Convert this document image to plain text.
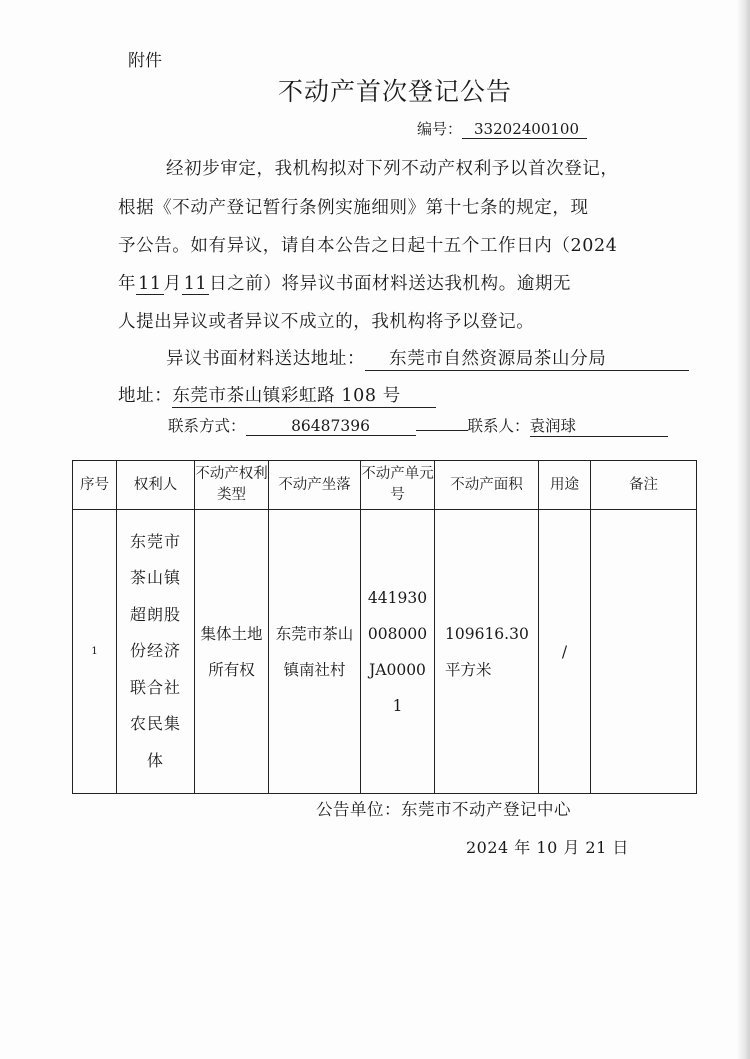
附件
不动产首次登记公告
编号： 33202400100
经初步审定，我机构拟对下列不动产权利予以首次登记，
根据《不动产登记暂行条例实施细则》第十七条的规定，现
予公告。如有异议，请自本公告之日起十五个工作日内（2024
年 11 月 11 日之前）将异议书面材料送达我机构。逾期无
人提出异议或者异议不成立的，我机构将予以登记。
异议书面材料送达地址： 东莞市自然资源局茶山分局
地址：东莞市茶山镇彩虹路 108 号
联系方式：	86487396	联系人：袁润球
序号	权利人	不动产权利类型	不动产坐落	不动产单元号	不动产面积	用途	备注
1	东莞市茶山镇超朗股份经济联合社农民集体	集体土地所有权	东莞市茶山镇南社村	441930008000JA00001	109616.30平方米	/	
公告单位：东莞市不动产登记中心
2024 年 10 月 21 日
